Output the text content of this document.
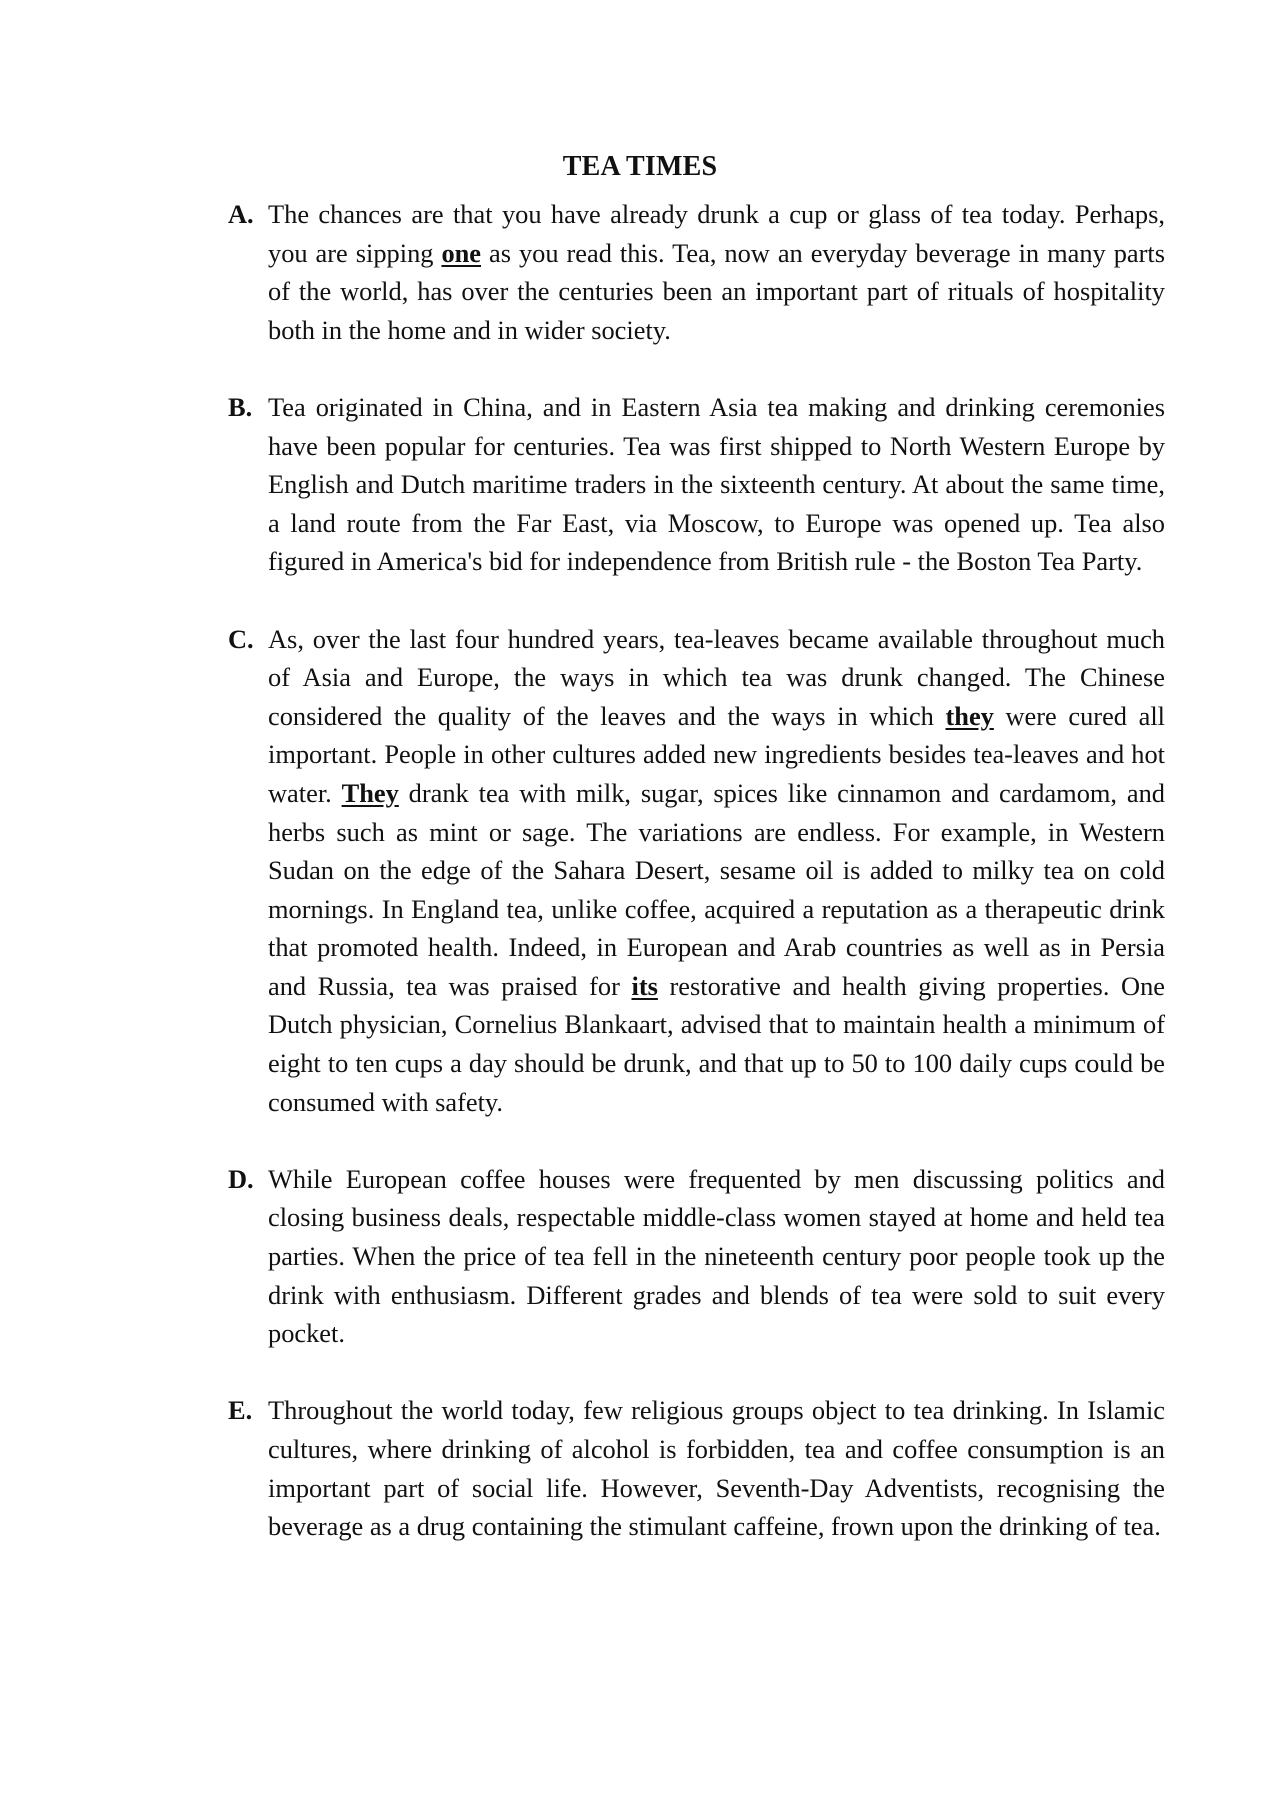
TEA TIMES

A. The chances are that you have already drunk a cup or glass of tea today. Perhaps, you are sipping one as you read this. Tea, now an everyday beverage in many parts of the world, has over the centuries been an important part of rituals of hospitality both in the home and in wider society.

B. Tea originated in China, and in Eastern Asia tea making and drinking ceremonies have been popular for centuries. Tea was first shipped to North Western Europe by English and Dutch maritime traders in the sixteenth century. At about the same time, a land route from the Far East, via Moscow, to Europe was opened up. Tea also figured in America's bid for independence from British rule - the Boston Tea Party.

C. As, over the last four hundred years, tea-leaves became available throughout much of Asia and Europe, the ways in which tea was drunk changed. The Chinese considered the quality of the leaves and the ways in which they were cured all important. People in other cultures added new ingredients besides tea-leaves and hot water. They drank tea with milk, sugar, spices like cinnamon and cardamom, and herbs such as mint or sage. The variations are endless. For example, in Western Sudan on the edge of the Sahara Desert, sesame oil is added to milky tea on cold mornings. In England tea, unlike coffee, acquired a reputation as a therapeutic drink that promoted health. Indeed, in European and Arab countries as well as in Persia and Russia, tea was praised for its restorative and health giving properties. One Dutch physician, Cornelius Blankaart, advised that to maintain health a minimum of eight to ten cups a day should be drunk, and that up to 50 to 100 daily cups could be consumed with safety.

D. While European coffee houses were frequented by men discussing politics and closing business deals, respectable middle-class women stayed at home and held tea parties. When the price of tea fell in the nineteenth century poor people took up the drink with enthusiasm. Different grades and blends of tea were sold to suit every pocket.

E. Throughout the world today, few religious groups object to tea drinking. In Islamic cultures, where drinking of alcohol is forbidden, tea and coffee consumption is an important part of social life. However, Seventh-Day Adventists, recognising the beverage as a drug containing the stimulant caffeine, frown upon the drinking of tea.
